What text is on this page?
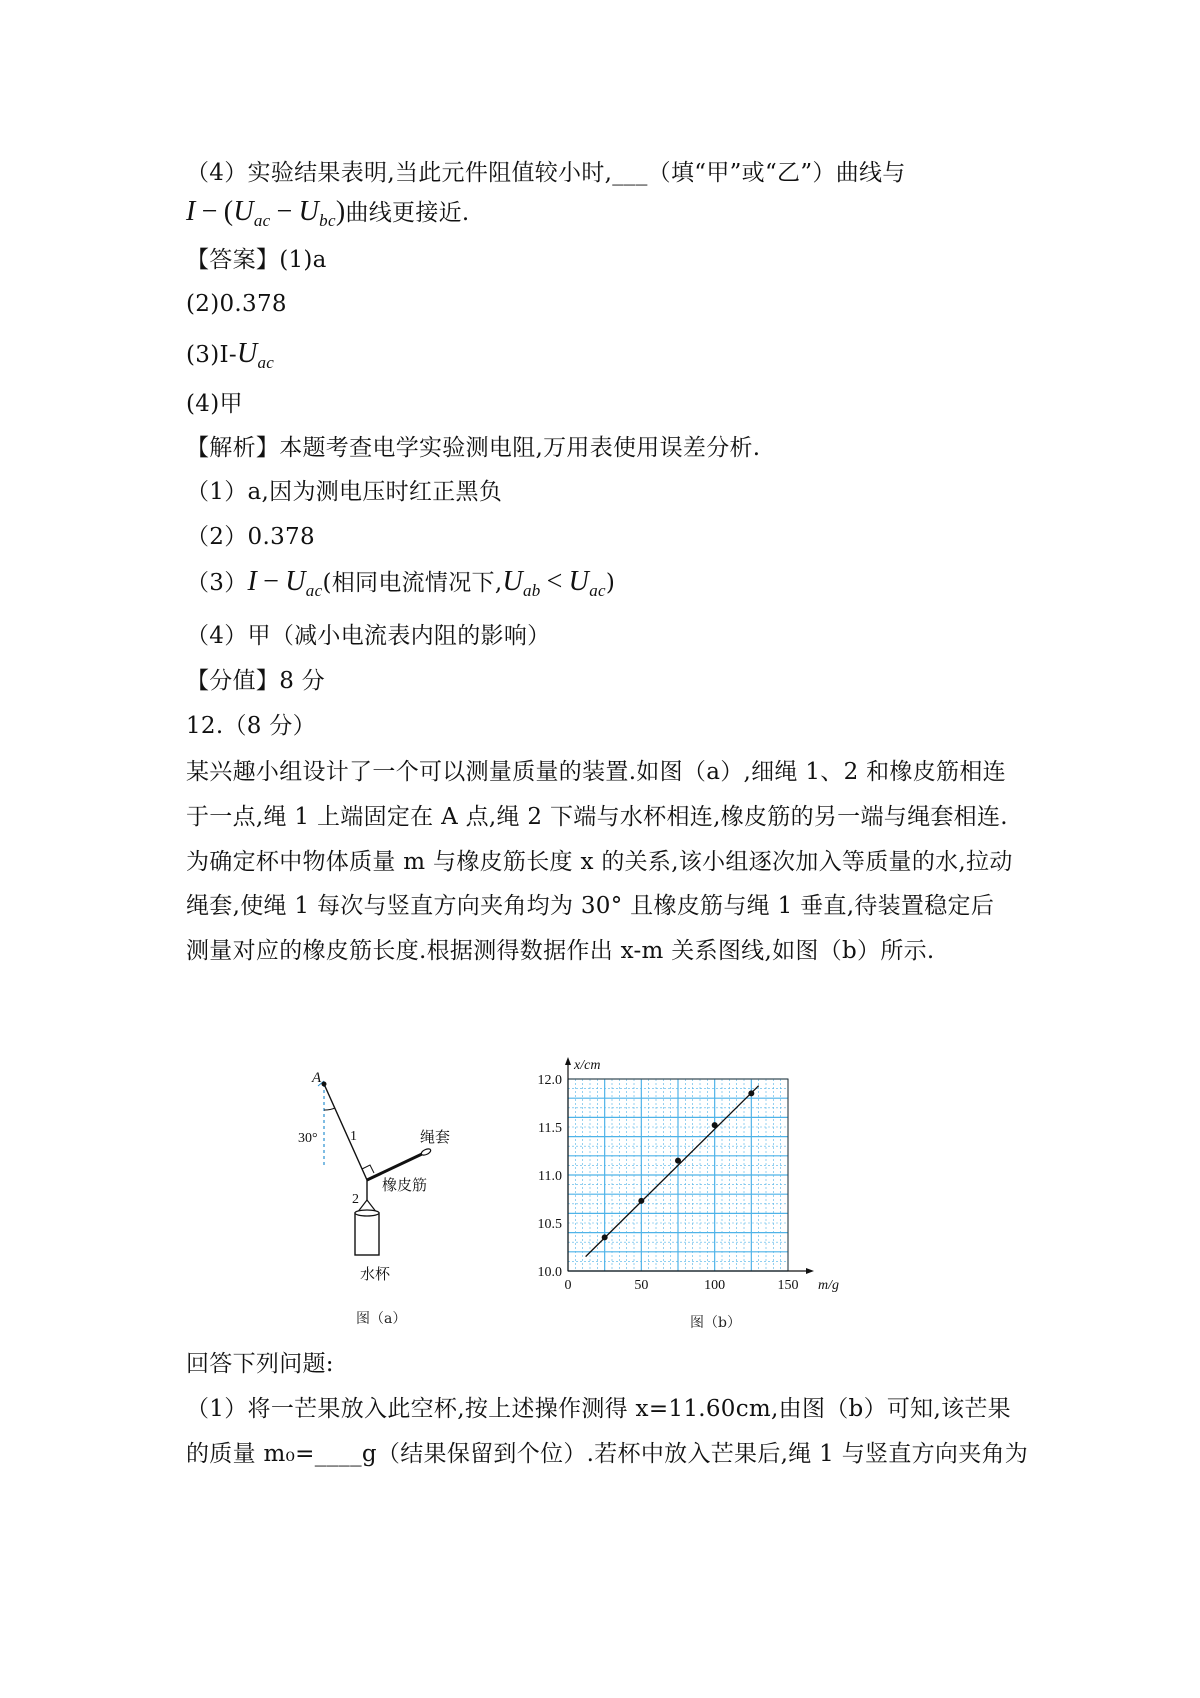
（4）实验结果表明,当此元件阻值较小时,___（填“甲”或“乙”）曲线与
$I - (U_{ac} - U_{bc})$曲线更接近.
【答案】(1)a
(2)0.378
$(3)I-U_{ac}$
(4)甲
【解析】本题考查电学实验测电阻,万用表使用误差分析.
（1）a,因为测电压时红正黑负
（2）0.378
$(3)I - U_{ac}$(相同电流情况下$,U_{ab} < U_{ac}$)
（4）甲（减小电流表内阻的影响）
【分值】8 分
12.（8 分）
某兴趣小组设计了一个可以测量质量的装置.如图（a）,细绳 1、2 和橡皮筋相连
于一点,绳 1 上端固定在 A 点,绳 2 下端与水杯相连,橡皮筋的另一端与绳套相连.
为确定杯中物体质量 m 与橡皮筋长度 x 的关系,该小组逐次加入等质量的水,拉动
绳套,使绳 1 每次与竖直方向夹角均为 30° 且橡皮筋与绳 1 垂直,待装置稳定后
测量对应的橡皮筋长度.根据测得数据作出 x-m 关系图线,如图（b）所示.
A
30° 1	绳套
橡皮筋
2
水杯
图（a）
0	50	100	150
10.0
10.5
11.0
11.5
12.0
m/g
x/cm
图（b）
回答下列问题:
（1）将一芒果放入此空杯,按上述操作测得 x=11.60cm,由图（b）可知,该芒果
的质量 m₀=____g（结果保留到个位）.若杯中放入芒果后,绳 1 与竖直方向夹角为
